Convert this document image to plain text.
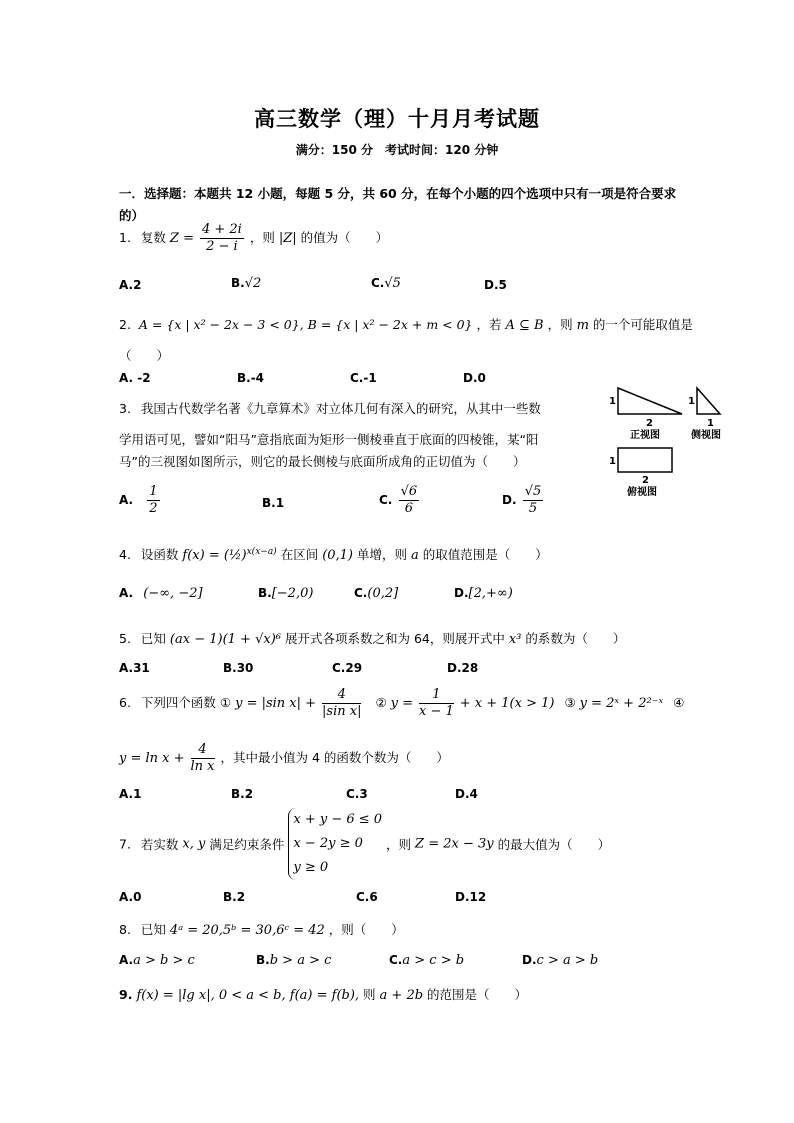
高三数学（理）十月月考试题
满分：150 分　考试时间：120 分钟
一．选择题：本题共 12 小题，每题 5 分，共 60 分，在每个小题的四个选项中只有一项是符合要求的）
1. 复数 $Z = \frac{4 + 2i}{2 - i}$ ，则 |Z| 的值为（　　）
A.2	B.√2	C.√5	D.5
2. A = {x | x² − 2x − 3 < 0}, B = {x | x² − 2x + m < 0} ，若 A ⊆ B ，则 m 的一个可能取值是
（　　）
A. -2	B.-4	C.-1	D.0
3. 我国古代数学名著《九章算术》对立体几何有深入的研究，从其中一些数
学用语可见，譬如“阳马”意指底面为矩形一侧棱垂直于底面的四棱锥，某“阳
马”的三视图如图所示，则它的最长侧棱与底面所成角的正切值为（　　）
A. $\frac{1}{2}$	B.1	C. $\frac{√6}{6}$	D. $\frac{√5}{5}$
1
2
正视图
1
1
侧视图
1
2
俯视图
4. 设函数 f(x) = (½)$^{x(x-a)}$ 在区间 (0,1) 单增，则 a 的取值范围是（　　）
A. (−∞, −2]	B.[−2,0)	C.(0,2]	D.[2,+∞)
5. 已知 (ax − 1)(1 + √x)⁶ 展开式各项系数之和为 64，则展开式中 x³ 的系数为（　　）
A.31	B.30	C.29	D.28
6. 下列四个函数 ① y = |sin $x| + \frac{4}{\text{|sin x|}}$ ② $y = \frac{1}{x - 1} + x + 1(x > 1)$ ③ y = 2ˣ + 2²⁻ˣ ④
$y = \ln x + \frac{4}{\text{ln x}}$ ，其中最小值为 4 的函数个数为（　　）
A.1	B.2	C.3	D.4
7. 若实数 x, y 满足约束条件
x + y − 6 ≤ 0
x − 2y ≥ 0
y ≥ 0
，则 Z = 2x − 3y 的最大值为（　　）
A.0	B.2	C.6	D.12
8. 已知 4ᵃ = 20,5ᵇ = 30,6ᶜ = 42 ，则（　　）
A.a > b > c	B.b > a > c	C.a > c > b	D.c > a > b
9. f(x) = |lg x|, 0 < a < b, f(a) = f(b), 则 a + 2b 的范围是（　　）
